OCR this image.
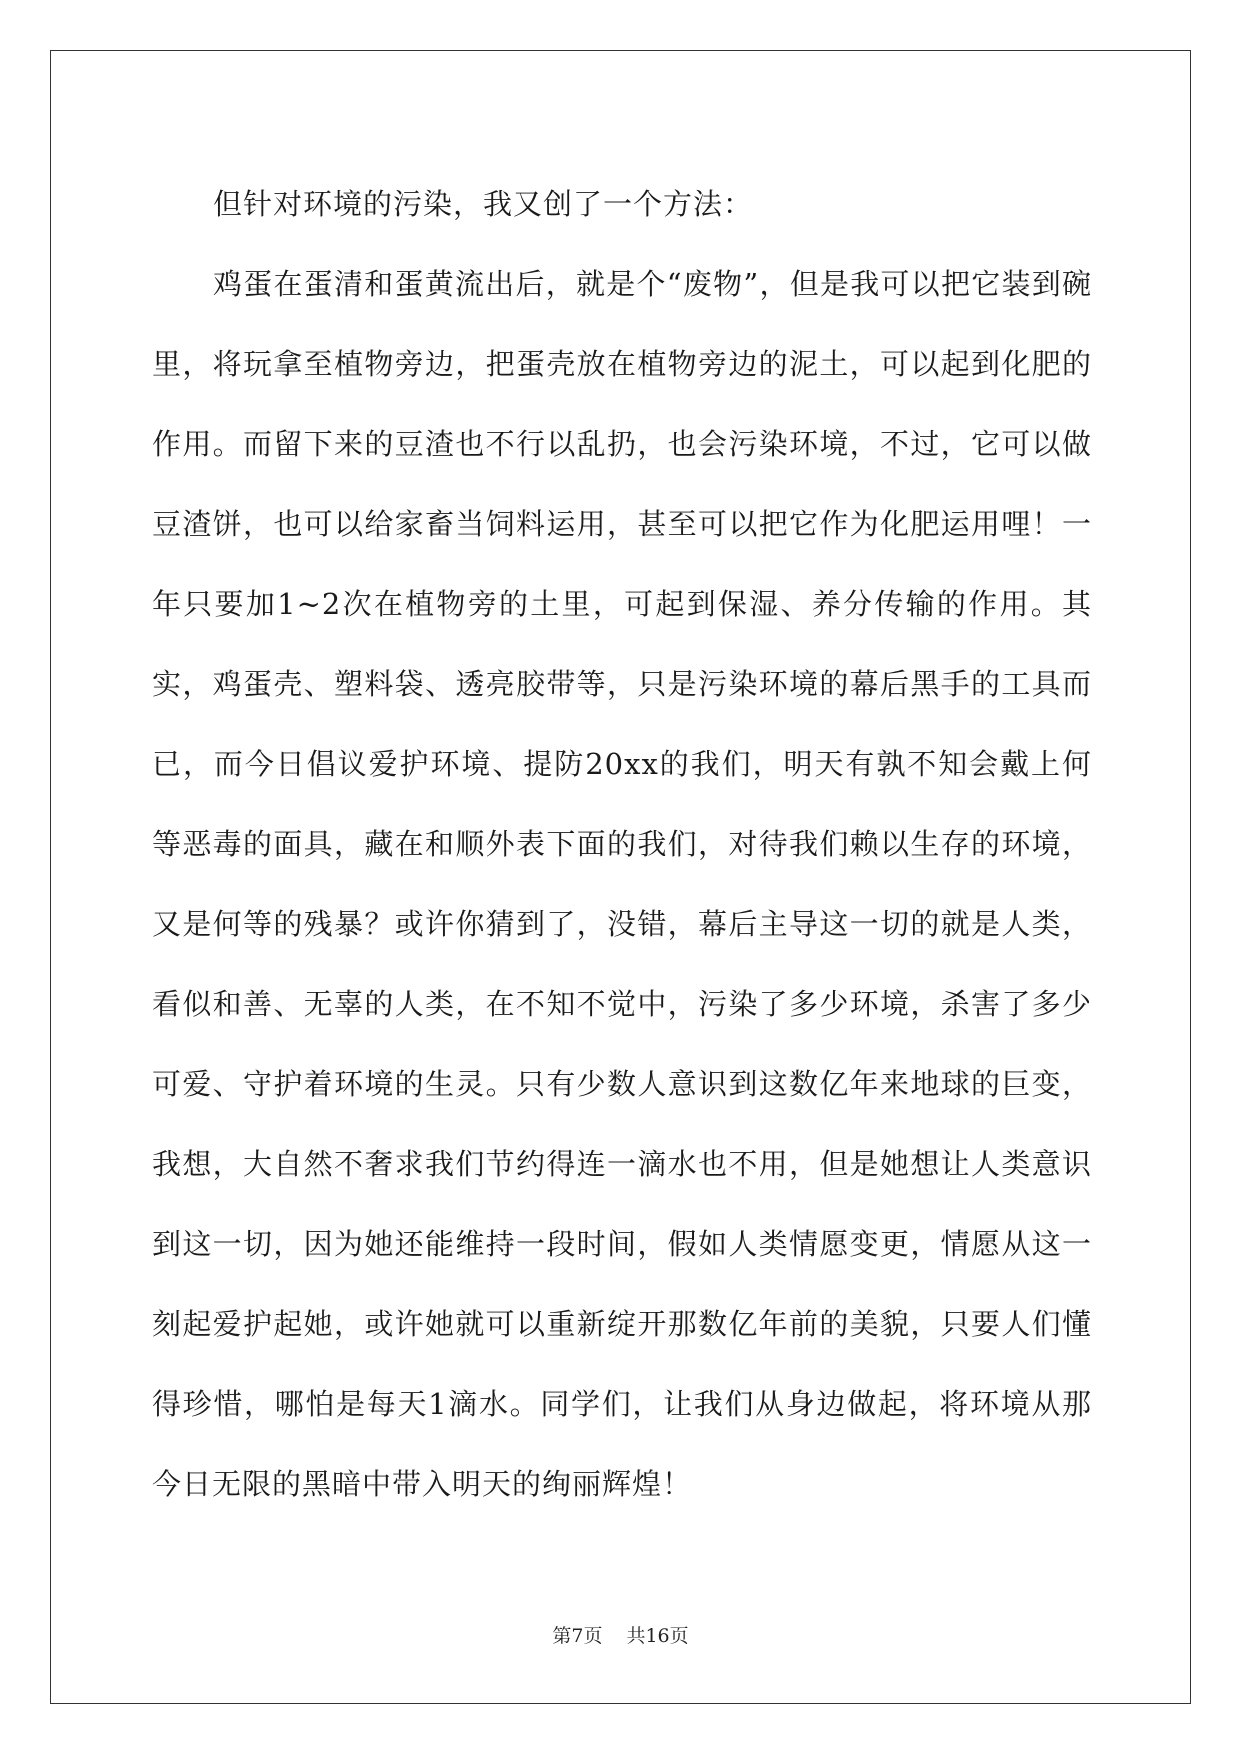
但针对环境的污染，我又创了一个方法：

鸡蛋在蛋清和蛋黄流出后，就是个“废物”，但是我可以把它装到碗里，将玩拿至植物旁边，把蛋壳放在植物旁边的泥土，可以起到化肥的作用。而留下来的豆渣也不行以乱扔，也会污染环境，不过，它可以做豆渣饼，也可以给家畜当饲料运用，甚至可以把它作为化肥运用哩！一年只要加1~2次在植物旁的土里，可起到保湿、养分传输的作用。其实，鸡蛋壳、塑料袋、透亮胶带等，只是污染环境的幕后黑手的工具而已，而今日倡议爱护环境、提防20xx的我们，明天有孰不知会戴上何等恶毒的面具，藏在和顺外表下面的我们，对待我们赖以生存的环境，又是何等的残暴？或许你猜到了，没错，幕后主导这一切的就是人类，看似和善、无辜的人类，在不知不觉中，污染了多少环境，杀害了多少可爱、守护着环境的生灵。只有少数人意识到这数亿年来地球的巨变，我想，大自然不奢求我们节约得连一滴水也不用，但是她想让人类意识到这一切，因为她还能维持一段时间，假如人类情愿变更，情愿从这一刻起爱护起她，或许她就可以重新绽开那数亿年前的美貌，只要人们懂得珍惜，哪怕是每天1滴水。同学们，让我们从身边做起，将环境从那今日无限的黑暗中带入明天的绚丽辉煌！

第7页 共16页
